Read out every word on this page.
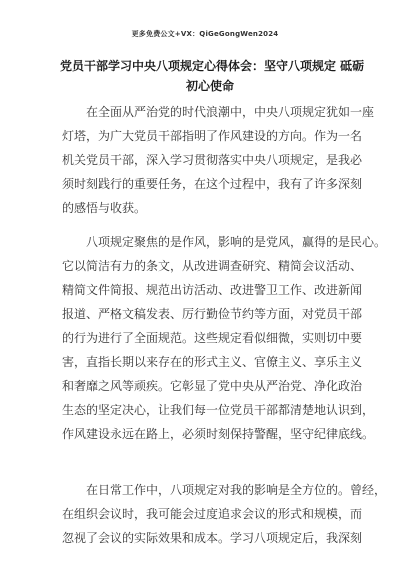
更多免费公文+VX：QiGeGongWen2024
党员干部学习中央八项规定心得体会：坚守八项规定 砥砺
初心使命
在全面从严治党的时代浪潮中，中央八项规定犹如一座
灯塔，为广大党员干部指明了作风建设的方向。作为一名
机关党员干部，深入学习贯彻落实中央八项规定，是我必
须时刻践行的重要任务，在这个过程中，我有了许多深刻
的感悟与收获。
八项规定聚焦的是作风，影响的是党风，赢得的是民心。
它以简洁有力的条文，从改进调查研究、精简会议活动、
精简文件简报、规范出访活动、改进警卫工作、改进新闻
报道、严格文稿发表、厉行勤俭节约等方面，对党员干部
的行为进行了全面规范。这些规定看似细微，实则切中要
害，直指长期以来存在的形式主义、官僚主义、享乐主义
和奢靡之风等顽疾。它彰显了党中央从严治党、净化政治
生态的坚定决心，让我们每一位党员干部都清楚地认识到，
作风建设永远在路上，必须时刻保持警醒，坚守纪律底线。
在日常工作中，八项规定对我的影响是全方位的。曾经，
在组织会议时，我可能会过度追求会议的形式和规模，而
忽视了会议的实际效果和成本。学习八项规定后，我深刻
